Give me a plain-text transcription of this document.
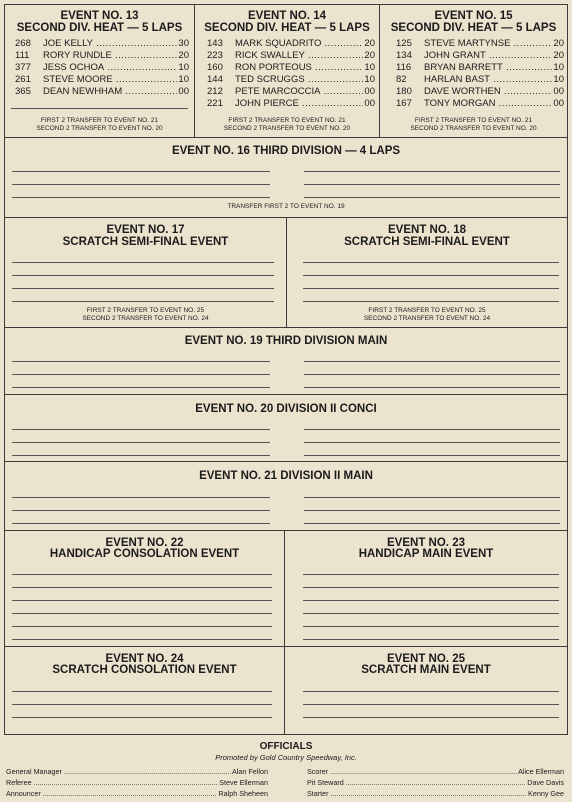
EVENT NO. 13
SECOND DIV. HEAT — 5 LAPS
268	JOE KELLY .....	30
111	RORY RUNDLE .....	20
377	JESS OCHOA .....	10
261	STEVE MOORE .....	10
365	DEAN NEWHHAM .....	00
FIRST 2 TRANSFER TO EVENT NO. 21
SECOND 2 TRANSFER TO EVENT NO. 20
EVENT NO. 14
SECOND DIV. HEAT — 5 LAPS
143	MARK SQUADRITO .....	20
223	RICK SWALLEY .....	20
160	RON PORTEOUS .....	10
144	TED SCRUGGS .....	10
212	PETE MARCOCCIA .....	00
221	JOHN PIERCE .....	00
FIRST 2 TRANSFER TO EVENT NO. 21
SECOND 2 TRANSFER TO EVENT NO. 20
EVENT NO. 15
SECOND DIV. HEAT — 5 LAPS
125	STEVE MARTYNSE .....	20
134	JOHN GRANT .....	20
116	BRYAN BARRETT .....	10
82	HARLAN BAST .....	10
180	DAVE WORTHEN .....	00
167	TONY MORGAN .....	00
FIRST 2 TRANSFER TO EVENT NO. 21
SECOND 2 TRANSFER TO EVENT NO. 20
EVENT NO. 16 THIRD DIVISION — 4 LAPS
TRANSFER FIRST 2 TO EVENT NO. 19
EVENT NO. 17
SCRATCH SEMI-FINAL EVENT
FIRST 2 TRANSFER TO EVENT NO. 25
SECOND 2 TRANSFER TO EVENT NO. 24
EVENT NO. 18
SCRATCH SEMI-FINAL EVENT
FIRST 2 TRANSFER TO EVENT NO. 25
SECOND 2 TRANSFER TO EVENT NO. 24
EVENT NO. 19 THIRD DIVISION MAIN
EVENT NO. 20 DIVISION II CONCI
EVENT NO. 21 DIVISION II MAIN
EVENT NO. 22
HANDICAP CONSOLATION EVENT
EVENT NO. 23
HANDICAP MAIN EVENT
EVENT NO. 24
SCRATCH CONSOLATION EVENT
EVENT NO. 25
SCRATCH MAIN EVENT
OFFICIALS
Promoted by Gold Country Speedway, Inc.
General Manager .....	Alan Fellon
Referee .....	Steve Ellerman
Announcer .....	Ralph Sheheen
Scorer .....	Alice Ellerman
Pit Steward .....	Dave Davis
Starter .....	Kenny Gee
